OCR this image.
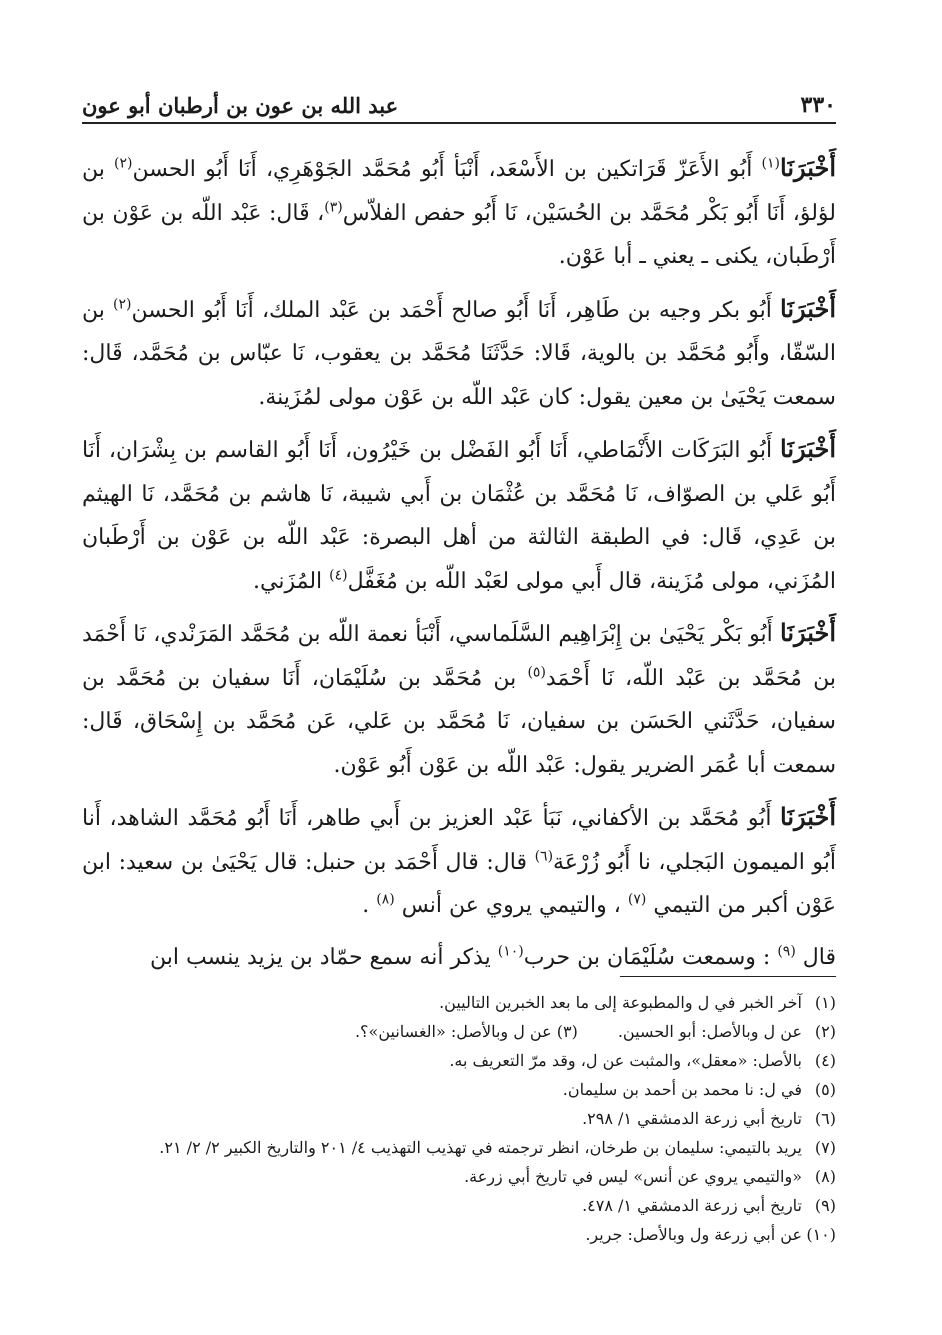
٣٣٠
عبد الله بن عون بن أرطبان أبو عون

أَخْبَرَنَا$^{(١)}$ أَبُو الأَعَزّ قَرَاتكين بن الأَسْعَد، أَنْبَأ أَبُو مُحَمَّد الجَوْهَرِي، أَنَا أَبُو الحسن$^{(٢)}$ بن لؤلؤ، أَنَا أَبُو بَكْر مُحَمَّد بن الحُسَيْن، نَا أَبُو حفص الفلاّس$^{(٣)}$، قَال: عَبْد اللّه بن عَوْن بن أَرْطَبان، يكنى ـ يعني ـ أبا عَوْن.

أَخْبَرَنَا أَبُو بكر وجيه بن طَاهِر، أَنَا أَبُو صالح أَحْمَد بن عَبْد الملك، أَنَا أَبُو الحسن$^{(٢)}$ بن السّقّا، وأَبُو مُحَمَّد بن بالوية، قَالا: حَدَّثَنَا مُحَمَّد بن يعقوب، نَا عبّاس بن مُحَمَّد، قَال: سمعت يَحْيَىٰ بن معين يقول: كان عَبْد اللّه بن عَوْن مولى لمُزَينة.

أَخْبَرَنَا أَبُو البَرَكَات الأَنْمَاطي، أَنَا أَبُو الفَضْل بن خَيْرُون، أَنَا أَبُو القاسم بن بِشْرَان، أَنَا أَبُو عَلي بن الصوّاف، نَا مُحَمَّد بن عُثْمَان بن أَبي شيبة، نَا هاشم بن مُحَمَّد، نَا الهيثم بن عَدِي، قَال: في الطبقة الثالثة من أهل البصرة: عَبْد اللّه بن عَوْن بن أَرْطَبان المُزَني، مولى مُزَينة، قال أَبي مولى لعَبْد اللّه بن مُغَفَّل$^{(٤)}$ المُزَني.

أَخْبَرَنَا أَبُو بَكْر يَحْيَىٰ بن إِبْرَاهِيم السَّلَماسي، أَنْبَأ نعمة اللّه بن مُحَمَّد المَرَنْدي، نَا أَحْمَد بن مُحَمَّد بن عَبْد اللّه، نَا أَحْمَد$^{(٥)}$ بن مُحَمَّد بن سُلَيْمَان، أَنَا سفيان بن مُحَمَّد بن سفيان، حَدَّثَني الحَسَن بن سفيان، نَا مُحَمَّد بن عَلي، عَن مُحَمَّد بن إِسْحَاق، قَال: سمعت أبا عُمَر الضرير يقول: عَبْد اللّه بن عَوْن أَبُو عَوْن.

أَخْبَرَنَا أَبُو مُحَمَّد بن الأكفاني، نَبَأ عَبْد العزيز بن أَبي طاهر، أَنَا أَبُو مُحَمَّد الشاهد، أَنا أَبُو الميمون البَجلي، نا أَبُو زُرْعَة$^{(٦)}$ قال: قال أَحْمَد بن حنبل: قال يَحْيَىٰ بن سعيد: ابن عَوْن أكبر من التيمي $^{(٧)}$ ، والتيمي يروي عن أنس $^{(٨)}$ .

قال $^{(٩)}$ : وسمعت سُلَيْمَان بن حرب$^{(١٠)}$ يذكر أنه سمع حمّاد بن يزيد ينسب ابن

(١)
آخر الخبر في ل والمطبوعة إلى ما بعد الخبرين التاليين.
(٢)
عن ل وبالأصل: أبو الحسين.(٣) عن ل وبالأصل: «الغسانين»؟.
(٤)
بالأصل: «معقل»، والمثبت عن ل، وقد مرّ التعريف به.
(٥)
في ل: نا محمد بن أحمد بن سليمان.
(٦)
تاريخ أبي زرعة الدمشقي ١/ ٢٩٨.
(٧)
يريد بالتيمي: سليمان بن طرخان، انظر ترجمته في تهذيب التهذيب ٤/ ٢٠١ والتاريخ الكبير ٢/ ٢/ ٢١.
(٨)
«والتيمي يروي عن أنس» ليس في تاريخ أبي زرعة.
(٩)
تاريخ أبي زرعة الدمشقي ١/ ٤٧٨.
(١٠)
عن أبي زرعة ول وبالأصل: جرير.
